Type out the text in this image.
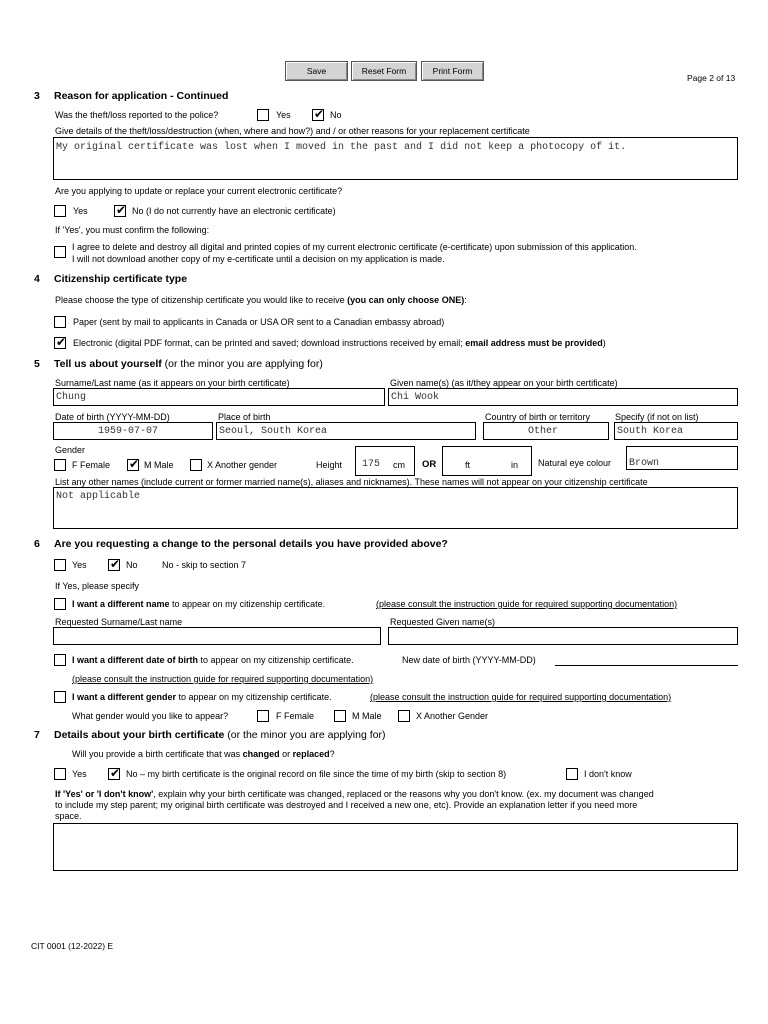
Save	Reset Form	Print Form
Page 2 of 13
3 Reason for application - Continued
Was the theft/loss reported to the police?	Yes ✔ No
Give details of the theft/loss/destruction (when, where and how?) and / or other reasons for your replacement certificate
My original certificate was lost when I moved in the past and I did not keep a photocopy of it.
Are you applying to update or replace your current electronic certificate?
Yes ✔ No (I do not currently have an electronic certificate)
If 'Yes', you must confirm the following:
I agree to delete and destroy all digital and printed copies of my current electronic certificate (e-certificate) upon submission of this application.
I will not download another copy of my e-certificate until a decision on my application is made.
4 Citizenship certificate type
Please choose the type of citizenship certificate you would like to receive (you can only choose ONE):
Paper (sent by mail to applicants in Canada or USA OR sent to a Canadian embassy abroad)
✔ Electronic (digital PDF format, can be printed and saved; download instructions received by email; email address must be provided)
5 Tell us about yourself (or the minor you are applying for)
Surname/Last name (as it appears on your birth certificate)
Chung
Given name(s) (as it/they appear on your birth certificate)
Chi Wook
Date of birth (YYYY-MM-DD)
1959-07-07
Place of birth
Seoul, South Korea
Country of birth or territory
Other
Specify (if not on list)
South Korea
Gender
F Female ✔ M Male	X Another gender	Height 175 cm OR	ft	in Natural eye colour Brown
List any other names (include current or former married name(s), aliases and nicknames). These names will not appear on your citizenship certificate
Not applicable
6 Are you requesting a change to the personal details you have provided above?
Yes ✔ No	No - skip to section 7
If Yes, please specify
I want a different name to appear on my citizenship certificate.	(please consult the instruction guide for required supporting documentation)
Requested Surname/Last name	Requested Given name(s)
I want a different date of birth to appear on my citizenship certificate.	New date of birth (YYYY-MM-DD)
(please consult the instruction guide for required supporting documentation)
I want a different gender to appear on my citizenship certificate.	(please consult the instruction guide for required supporting documentation)
What gender would you like to appear?	F Female	M Male	X Another Gender
7 Details about your birth certificate (or the minor you are applying for)
Will you provide a birth certificate that was changed or replaced?
Yes ✔ No – my birth certificate is the original record on file since the time of my birth (skip to section 8)	I don't know
If 'Yes' or 'I don't know', explain why your birth certificate was changed, replaced or the reasons why you don't know. (ex. my document was changed
to include my step parent; my original birth certificate was destroyed and I received a new one, etc). Provide an explanation letter if you need more
space.
CIT 0001 (12-2022) E
